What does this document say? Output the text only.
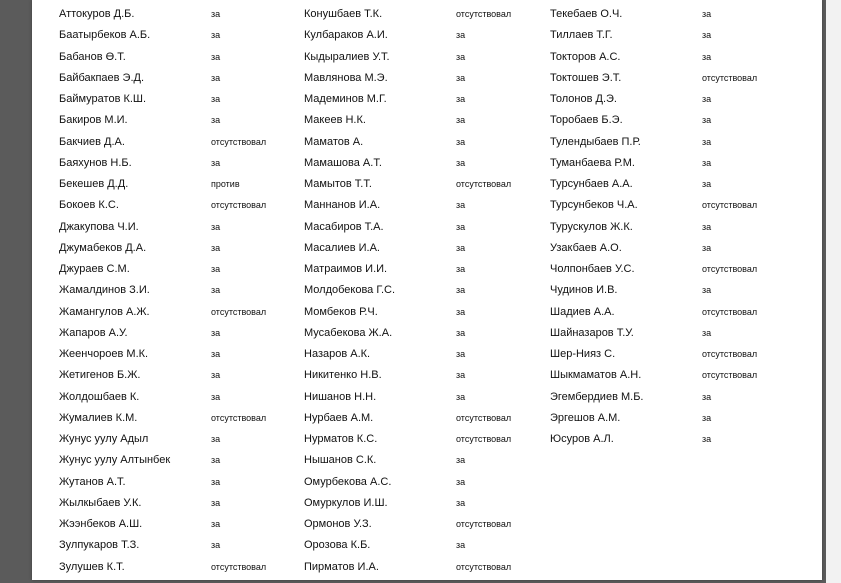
Аттокуров Д.Б.	за
Баатырбеков А.Б.	за
Бабанов Ө.Т.	за
Байбакпаев Э.Д.	за
Баймуратов К.Ш.	за
Бакиров М.И.	за
Бакчиев Д.А.	отсутствовал
Баяхунов Н.Б.	за
Бекешев Д.Д.	против
Бокоев К.С.	отсутствовал
Джакупова Ч.И.	за
Джумабеков Д.А.	за
Джураев С.М.	за
Жамалдинов З.И.	за
Жамангулов А.Ж.	отсутствовал
Жапаров А.У.	за
Жеенчороев М.К.	за
Жетигенов Б.Ж.	за
Жолдошбаев К.	за
Жумалиев К.М.	отсутствовал
Жунус уулу Адыл	за
Жунус уулу Алтынбек	за
Жутанов А.Т.	за
Жылкыбаев У.К.	за
Жээнбеков А.Ш.	за
Зулпукаров Т.З.	за
Зулушев К.Т.	отсутствовал
Конушбаев Т.К.	отсутствовал
Кулбараков А.И.	за
Кыдыралиев У.Т.	за
Мавлянова М.Э.	за
Мадеминов М.Г.	за
Макеев Н.К.	за
Маматов А.	за
Мамашова А.Т.	за
Мамытов Т.Т.	отсутствовал
Маннанов И.А.	за
Масабиров Т.А.	за
Масалиев И.А.	за
Матраимов И.И.	за
Молдобекова Г.С.	за
Момбеков Р.Ч.	за
Мусабекова Ж.А.	за
Назаров А.К.	за
Никитенко Н.В.	за
Нишанов Н.Н.	за
Нурбаев А.М.	отсутствовал
Нурматов К.С.	отсутствовал
Нышанов С.К.	за
Омурбекова А.С.	за
Омуркулов И.Ш.	за
Ормонов У.З.	отсутствовал
Орозова К.Б.	за
Пирматов И.А.	отсутствовал
Текебаев О.Ч.	за
Тиллаев Т.Г.	за
Токторов А.С.	за
Токтошев Э.Т.	отсутствовал
Толонов Д.Э.	за
Торобаев Б.Э.	за
Тулендыбаев П.Р.	за
Туманбаева Р.М.	за
Турсунбаев А.А.	за
Турсунбеков Ч.А.	отсутствовал
Турускулов Ж.К.	за
Узакбаев А.О.	за
Чолпонбаев У.С.	отсутствовал
Чудинов И.В.	за
Шадиев А.А.	отсутствовал
Шайназаров Т.У.	за
Шер-Нияз С.	отсутствовал
Шыкмаматов А.Н.	отсутствовал
Эгембердиев М.Б.	за
Эргешов А.М.	за
Юсуров А.Л.	за
